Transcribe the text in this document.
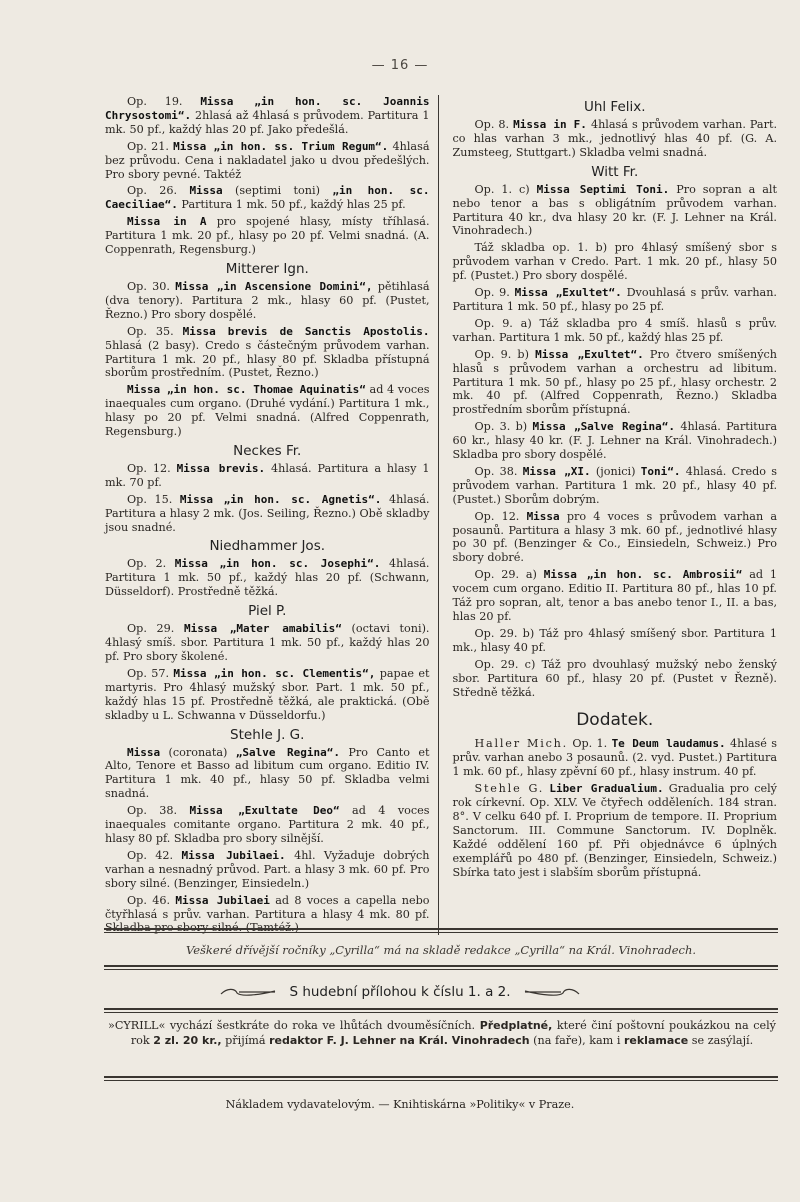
— 16 —

Op. 19. Missa „in hon. sc. Joannis Chrysostomi“. 2hlasá až 4hlasá s průvodem. Partitura 1 mk. 50 pf., každý hlas 20 pf. Jako předešlá.

Op. 21. Missa „in hon. ss. Trium Regum“. 4hlasá bez průvodu. Cena i nakladatel jako u dvou předešlých. Pro sbory pevné. Taktéž

Op. 26. Missa (septimi toni) „in hon. sc. Caeciliae“. Partitura 1 mk. 50 pf., každý hlas 25 pf.

Missa in A pro spojené hlasy, místy tříhlasá. Partitura 1 mk. 20 pf., hlasy po 20 pf. Velmi snadná. (A. Coppenrath, Regensburg.)

Mitterer Ign.

Op. 30. Missa „in Ascensione Domini“, pětihlasá (dva tenory). Partitura 2 mk., hlasy 60 pf. (Pustet, Řezno.) Pro sbory dospělé.

Op. 35. Missa brevis de Sanctis Apostolis. 5hlasá (2 basy). Credo s částečným průvodem varhan. Partitura 1 mk. 20 pf., hlasy 80 pf. Skladba přístupná sborům prostředním. (Pustet, Řezno.)

Missa „in hon. sc. Thomae Aquinatis“ ad 4 voces inaequales cum organo. (Druhé vydání.) Partitura 1 mk., hlasy po 20 pf. Velmi snadná. (Alfred Coppenrath, Regensburg.)

Neckes Fr.

Op. 12. Missa brevis. 4hlasá. Partitura a hlasy 1 mk. 70 pf.

Op. 15. Missa „in hon. sc. Agnetis“. 4hlasá. Partitura a hlasy 2 mk. (Jos. Seiling, Řezno.) Obě skladby jsou snadné.

Niedhammer Jos.

Op. 2. Missa „in hon. sc. Josephi“. 4hlasá. Partitura 1 mk. 50 pf., každý hlas 20 pf. (Schwann, Düsseldorf). Prostředně těžká.

Piel P.

Op. 29. Missa „Mater amabilis“ (octavi toni). 4hlasý smíš. sbor. Partitura 1 mk. 50 pf., každý hlas 20 pf. Pro sbory školené.

Op. 57. Missa „in hon. sc. Clementis“, papae et martyris. Pro 4hlasý mužský sbor. Part. 1 mk. 50 pf., každý hlas 15 pf. Prostředně těžká, ale praktická. (Obě skladby u L. Schwanna v Düsseldorfu.)

Stehle J. G.

Missa (coronata) „Salve Regina“. Pro Canto et Alto, Tenore et Basso ad libitum cum organo. Editio IV. Partitura 1 mk. 40 pf., hlasy 50 pf. Skladba velmi snadná.

Op. 38. Missa „Exultate Deo“ ad 4 voces inaequales comitante organo. Partitura 2 mk. 40 pf., hlasy 80 pf. Skladba pro sbory silnější.

Op. 42. Missa Jubilaei. 4hl. Vyžaduje dobrých varhan a nesnadný průvod. Part. a hlasy 3 mk. 60 pf. Pro sbory silné. (Benzinger, Einsiedeln.)

Op. 46. Missa Jubilaei ad 8 voces a capella nebo čtyřhlasá s prův. varhan. Partitura a hlasy 4 mk. 80 pf. Skladba pro sbory silné. (Tamtéž.)

Uhl Felix.

Op. 8. Missa in F. 4hlasá s průvodem varhan. Part. co hlas varhan 3 mk., jednotlivý hlas 40 pf. (G. A. Zumsteeg, Stuttgart.) Skladba velmi snadná.

Witt Fr.

Op. 1. c) Missa Septimi Toni. Pro sopran a alt nebo tenor a bas s obligátním průvodem varhan. Partitura 40 kr., dva hlasy 20 kr. (F. J. Lehner na Král. Vinohradech.)

Táž skladba op. 1. b) pro 4hlasý smíšený sbor s průvodem varhan v Credo. Part. 1 mk. 20 pf., hlasy 50 pf. (Pustet.) Pro sbory dospělé.

Op. 9. Missa „Exultet“. Dvouhlasá s prův. varhan. Partitura 1 mk. 50 pf., hlasy po 25 pf.

Op. 9. a) Táž skladba pro 4 smíš. hlasů s prův. varhan. Partitura 1 mk. 50 pf., každý hlas 25 pf.

Op. 9. b) Missa „Exultet“. Pro čtvero smíšených hlasů s průvodem varhan a orchestru ad libitum. Partitura 1 mk. 50 pf., hlasy po 25 pf., hlasy orchestr. 2 mk. 40 pf. (Alfred Coppenrath, Řezno.) Skladba prostředním sborům přístupná.

Op. 3. b) Missa „Salve Regina“. 4hlasá. Partitura 60 kr., hlasy 40 kr. (F. J. Lehner na Král. Vinohradech.) Skladba pro sbory dospělé.

Op. 38. Missa „XI. (jonici) Toni“. 4hlasá. Credo s průvodem varhan. Partitura 1 mk. 20 pf., hlasy 40 pf. (Pustet.) Sborům dobrým.

Op. 12. Missa pro 4 voces s průvodem varhan a posaunů. Partitura a hlasy 3 mk. 60 pf., jednotlivé hlasy po 30 pf. (Benzinger & Co., Einsiedeln, Schweiz.) Pro sbory dobré.

Op. 29. a) Missa „in hon. sc. Ambrosii“ ad 1 vocem cum organo. Editio II. Partitura 80 pf., hlas 10 pf. Táž pro sopran, alt, tenor a bas anebo tenor I., II. a bas, hlas 20 pf.

Op. 29. b) Táž pro 4hlasý smíšený sbor. Partitura 1 mk., hlasy 40 pf.

Op. 29. c) Táž pro dvouhlasý mužský nebo ženský sbor. Partitura 60 pf., hlasy 20 pf. (Pustet v Řezně). Středně těžká.

Dodatek.

Haller Mich. Op. 1. Te Deum laudamus. 4hlasé s prův. varhan anebo 3 posaunů. (2. vyd. Pustet.) Partitura 1 mk. 60 pf., hlasy zpěvní 60 pf., hlasy instrum. 40 pf.

Stehle G. Liber Gradualium. Gradualia pro celý rok církevní. Op. XLV. Ve čtyřech odděleních. 184 stran. 8°. V celku 640 pf. I. Proprium de tempore. II. Proprium Sanctorum. III. Commune Sanctorum. IV. Doplněk. Každé oddělení 160 pf. Při objednávce 6 úplných exemplářů po 480 pf. (Benzinger, Einsiedeln, Schweiz.) Sbírka tato jest i slabším sborům přístupná.

Veškeré dřívější ročníky „Cyrilla“ má na skladě redakce „Cyrilla“ na Král. Vinohradech.
S hudební přílohou k číslu 1. a 2.
»CYRILL« vychází šestkráte do roka ve lhůtách dvouměsíčních. Předplatné, které činí poštovní poukázkou na celý rok 2 zl. 20 kr., přijímá redaktor F. J. Lehner na Král. Vinohradech (na faře), kam i reklamace se zasýlají.
Nákladem vydavatelovým. — Knihtiskárna »Politiky« v Praze.
